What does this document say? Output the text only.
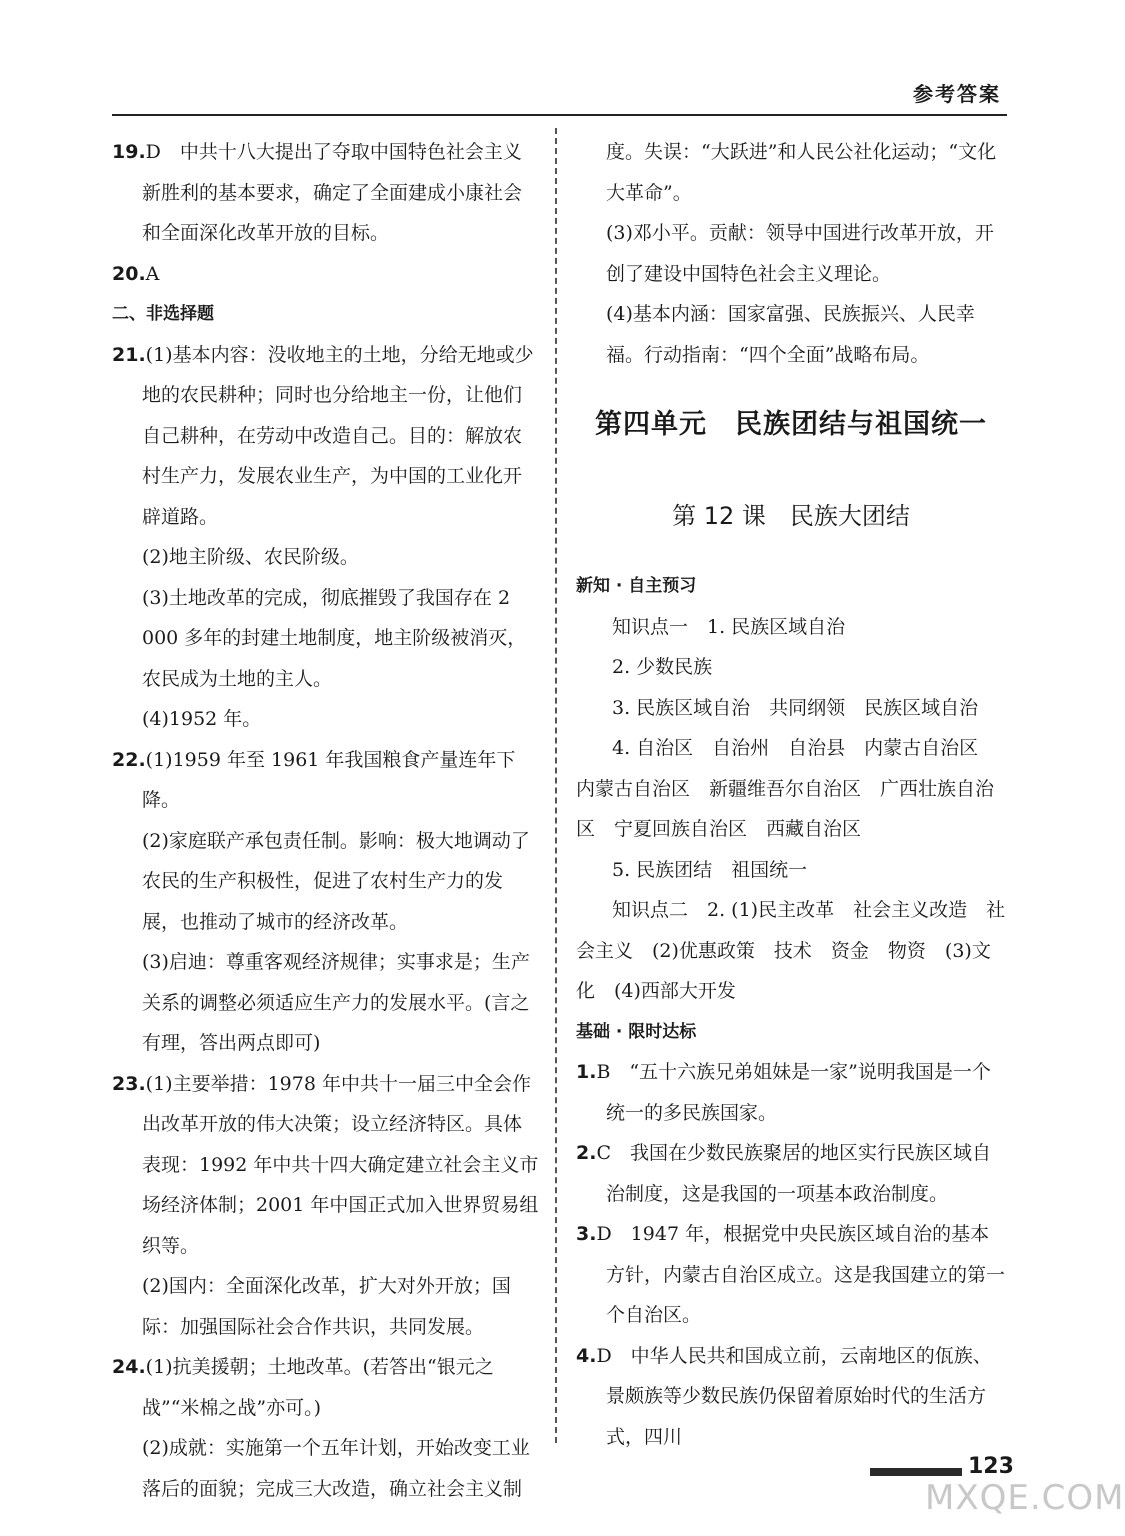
参考答案

19.D　中共十八大提出了夺取中国特色社会主义新胜利的基本要求，确定了全面建成小康社会和全面深化改革开放的目标。

20.A

二、非选择题

21.(1)基本内容：没收地主的土地，分给无地或少地的农民耕种；同时也分给地主一份，让他们自己耕种，在劳动中改造自己。目的：解放农村生产力，发展农业生产，为中国的工业化开辟道路。

(2)地主阶级、农民阶级。

(3)土地改革的完成，彻底摧毁了我国存在 2 000 多年的封建土地制度，地主阶级被消灭，农民成为土地的主人。

(4)1952 年。

22.(1)1959 年至 1961 年我国粮食产量连年下降。

(2)家庭联产承包责任制。影响：极大地调动了农民的生产积极性，促进了农村生产力的发展，也推动了城市的经济改革。

(3)启迪：尊重客观经济规律；实事求是；生产关系的调整必须适应生产力的发展水平。(言之有理，答出两点即可)

23.(1)主要举措：1978 年中共十一届三中全会作出改革开放的伟大决策；设立经济特区。具体表现：1992 年中共十四大确定建立社会主义市场经济体制；2001 年中国正式加入世界贸易组织等。

(2)国内：全面深化改革，扩大对外开放；国际：加强国际社会合作共识，共同发展。

24.(1)抗美援朝；土地改革。(若答出“银元之战”“米棉之战”亦可。)

(2)成就：实施第一个五年计划，开始改变工业落后的面貌；完成三大改造，确立社会主义制

度。失误：“大跃进”和人民公社化运动；“文化大革命”。

(3)邓小平。贡献：领导中国进行改革开放，开创了建设中国特色社会主义理论。

(4)基本内涵：国家富强、民族振兴、人民幸福。行动指南：“四个全面”战略布局。

第四单元　民族团结与祖国统一
第 12 课　民族大团结

新知 · 自主预习

知识点一　1. 民族区域自治

2. 少数民族

3. 民族区域自治　共同纲领　民族区域自治

4. 自治区　自治州　自治县　内蒙古自治区　内蒙古自治区　新疆维吾尔自治区　广西壮族自治区　宁夏回族自治区　西藏自治区

5. 民族团结　祖国统一

知识点二　2. (1)民主改革　社会主义改造　社会主义　(2)优惠政策　技术　资金　物资　(3)文化　(4)西部大开发

基础 · 限时达标

1.B　“五十六族兄弟姐妹是一家”说明我国是一个统一的多民族国家。

2.C　我国在少数民族聚居的地区实行民族区域自治制度，这是我国的一项基本政治制度。

3.D　1947 年，根据党中央民族区域自治的基本方针，内蒙古自治区成立。这是我国建立的第一个自治区。

4.D　中华人民共和国成立前，云南地区的佤族、景颇族等少数民族仍保留着原始时代的生活方式，四川

123
MXQE.COM
